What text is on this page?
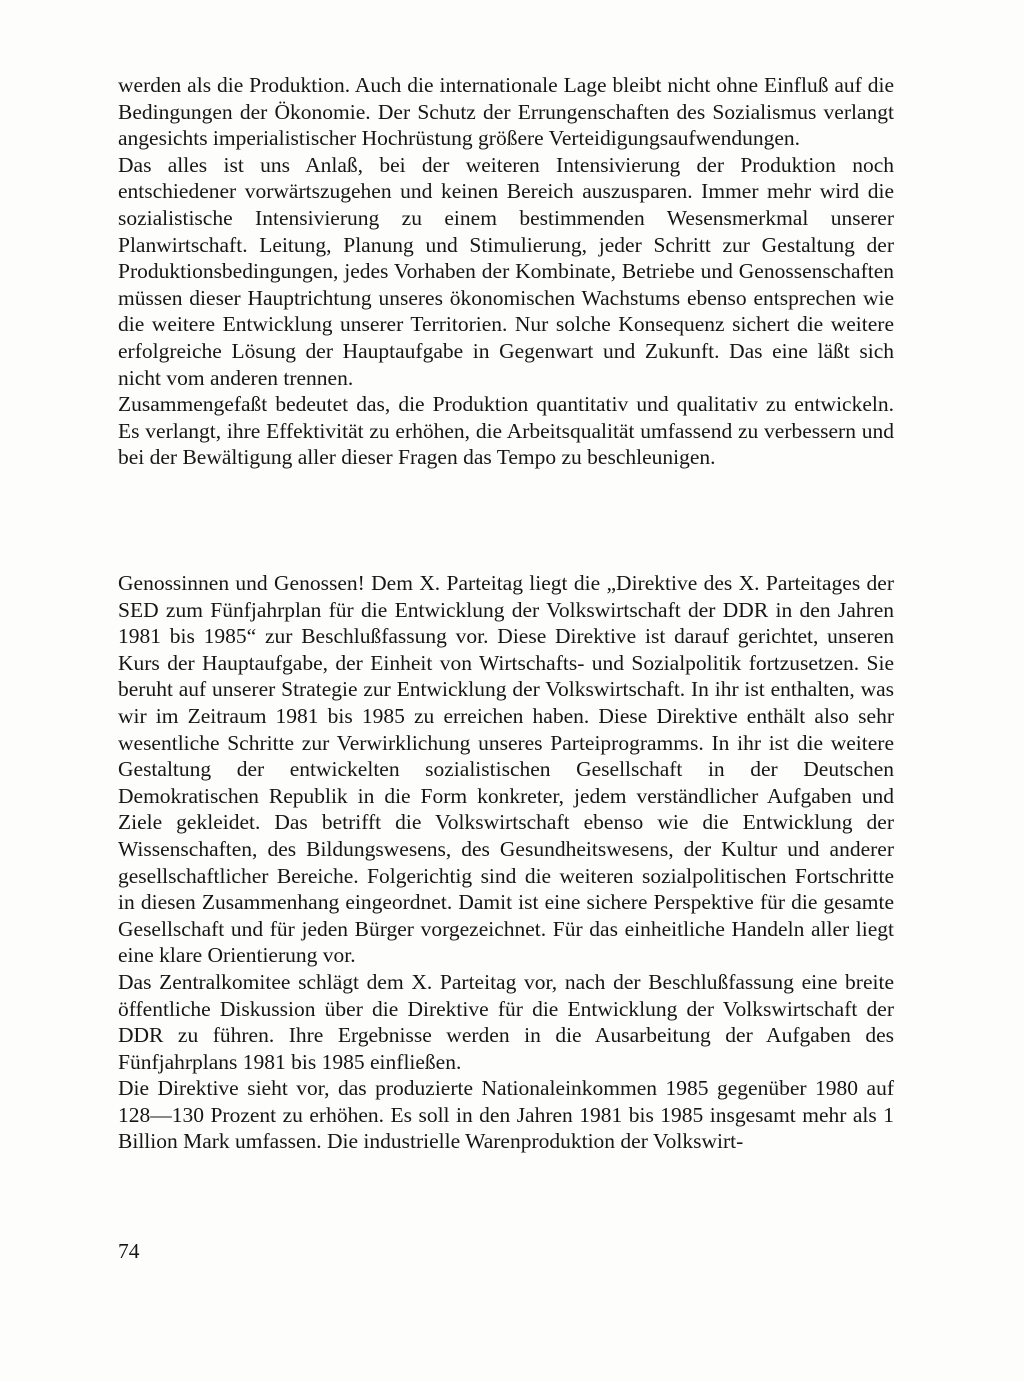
werden als die Produktion. Auch die internationale Lage bleibt nicht ohne Einfluß auf die Bedingungen der Ökonomie. Der Schutz der Errungenschaften des Sozialismus verlangt angesichts imperialistischer Hochrüstung größere Verteidigungsaufwendungen.

Das alles ist uns Anlaß, bei der weiteren Intensivierung der Produktion noch entschiedener vorwärtszugehen und keinen Bereich auszusparen. Immer mehr wird die sozialistische Intensivierung zu einem bestimmenden Wesensmerkmal unserer Planwirtschaft. Leitung, Planung und Stimulierung, jeder Schritt zur Gestaltung der Produktionsbedingungen, jedes Vorhaben der Kombinate, Betriebe und Genossenschaften müssen dieser Hauptrichtung unseres ökonomischen Wachstums ebenso entsprechen wie die weitere Entwicklung unserer Territorien. Nur solche Konsequenz sichert die weitere erfolgreiche Lösung der Hauptaufgabe in Gegenwart und Zukunft. Das eine läßt sich nicht vom anderen trennen.

Zusammengefaßt bedeutet das, die Produktion quantitativ und qualitativ zu entwickeln. Es verlangt, ihre Effektivität zu erhöhen, die Arbeitsqualität umfassend zu verbessern und bei der Bewältigung aller dieser Fragen das Tempo zu beschleunigen.

Genossinnen und Genossen! Dem X. Parteitag liegt die „Direktive des X. Parteitages der SED zum Fünfjahrplan für die Entwicklung der Volkswirtschaft der DDR in den Jahren 1981 bis 1985“ zur Beschlußfassung vor. Diese Direktive ist darauf gerichtet, unseren Kurs der Hauptaufgabe, der Einheit von Wirtschafts- und Sozialpolitik fortzusetzen. Sie beruht auf unserer Strategie zur Entwicklung der Volkswirtschaft. In ihr ist enthalten, was wir im Zeitraum 1981 bis 1985 zu erreichen haben. Diese Direktive enthält also sehr wesentliche Schritte zur Verwirklichung unseres Parteiprogramms. In ihr ist die weitere Gestaltung der entwickelten sozialistischen Gesellschaft in der Deutschen Demokratischen Republik in die Form konkreter, jedem verständlicher Aufgaben und Ziele gekleidet. Das betrifft die Volkswirtschaft ebenso wie die Entwicklung der Wissenschaften, des Bildungswesens, des Gesundheitswesens, der Kultur und anderer gesellschaftlicher Bereiche. Folgerichtig sind die weiteren sozialpolitischen Fortschritte in diesen Zusammenhang eingeordnet. Damit ist eine sichere Perspektive für die gesamte Gesellschaft und für jeden Bürger vorgezeichnet. Für das einheitliche Handeln aller liegt eine klare Orientierung vor.

Das Zentralkomitee schlägt dem X. Parteitag vor, nach der Beschlußfassung eine breite öffentliche Diskussion über die Direktive für die Entwicklung der Volkswirtschaft der DDR zu führen. Ihre Ergebnisse werden in die Ausarbeitung der Aufgaben des Fünfjahrplans 1981 bis 1985 einfließen.

Die Direktive sieht vor, das produzierte Nationaleinkommen 1985 gegenüber 1980 auf 128—130 Prozent zu erhöhen. Es soll in den Jahren 1981 bis 1985 insgesamt mehr als 1 Billion Mark umfassen. Die industrielle Warenproduktion der Volkswirt-

74
